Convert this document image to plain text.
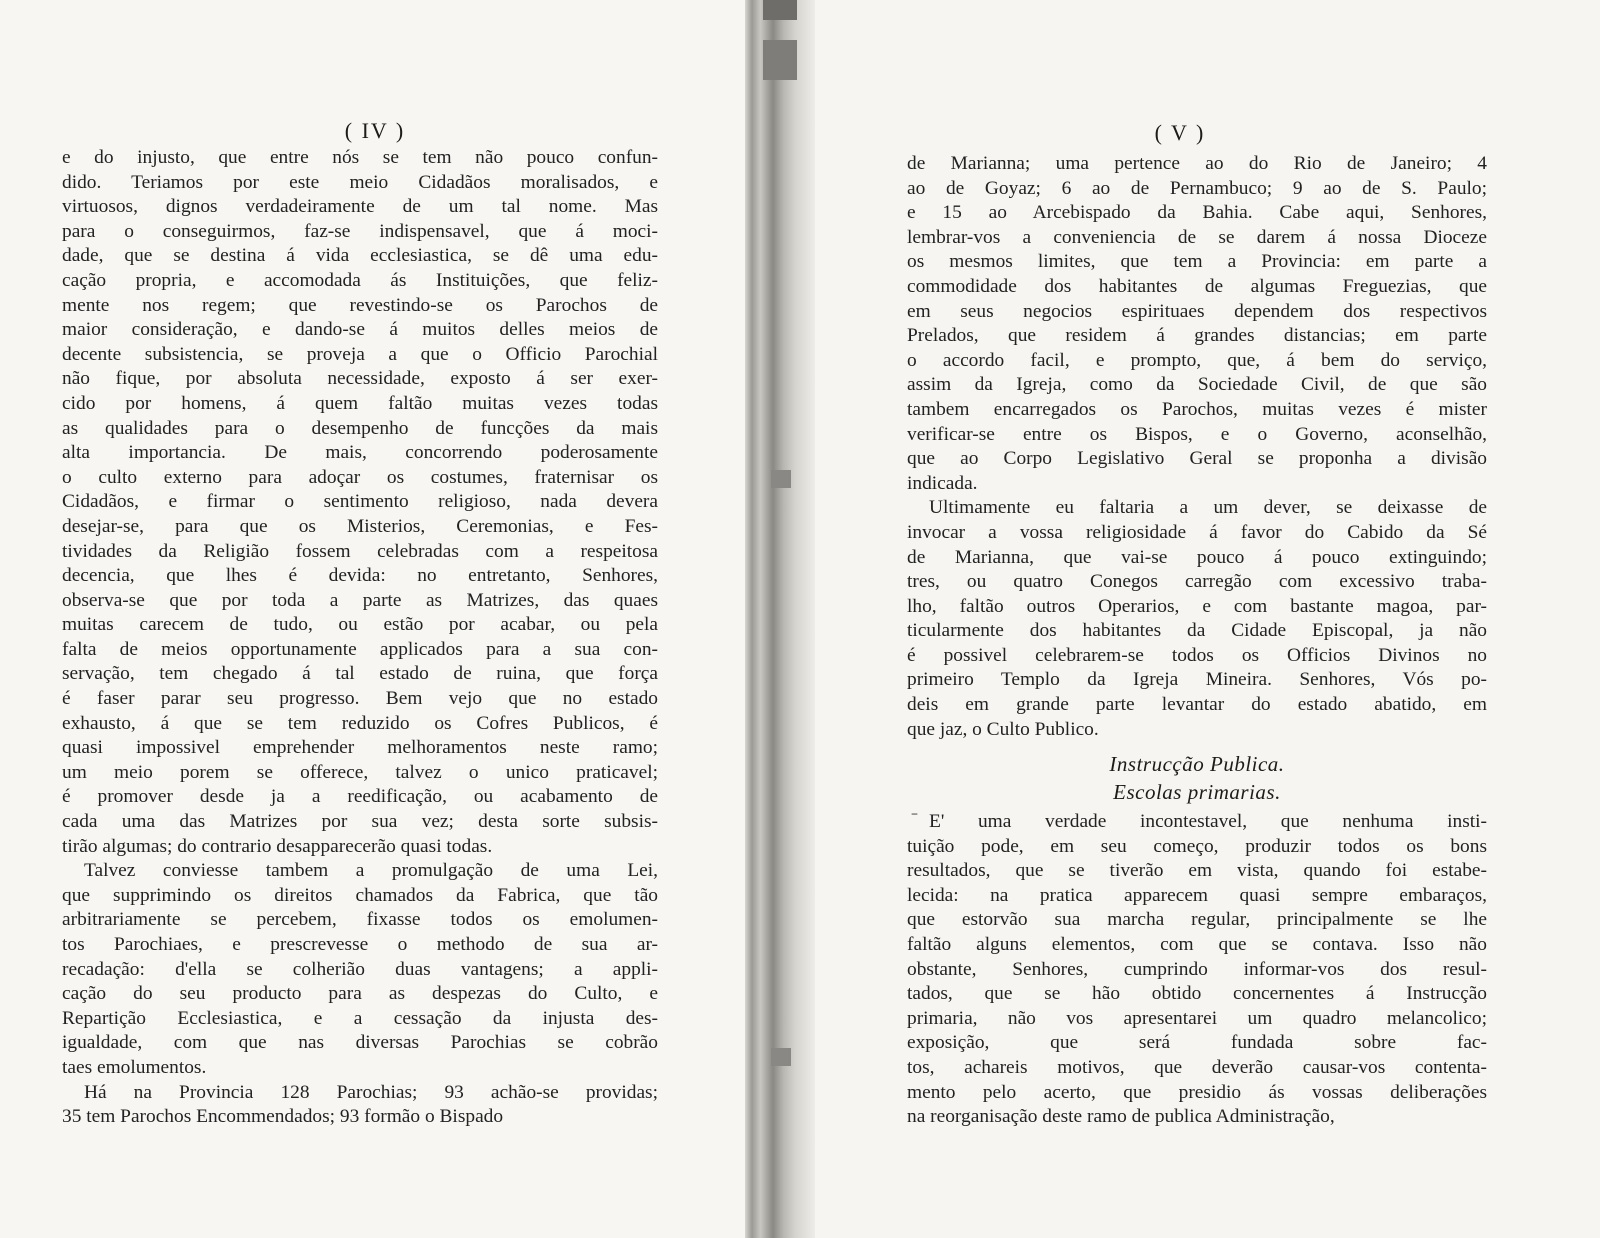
( IV )
e do injusto, que entre nós se tem não pouco confun-
dido. Teriamos por este meio Cidadãos moralisados, e
virtuosos, dignos verdadeiramente de um tal nome. Mas
para o conseguirmos, faz-se indispensavel, que á moci-
dade, que se destina á vida ecclesiastica, se dê uma edu-
cação propria, e accomodada ás Instituições, que feliz-
mente nos regem; que revestindo-se os Parochos de
maior consideração, e dando-se á muitos delles meios de
decente subsistencia, se proveja a que o Officio Parochial
não fique, por absoluta necessidade, exposto á ser exer-
cido por homens, á quem faltão muitas vezes todas
as qualidades para o desempenho de funcções da mais
alta importancia. De mais, concorrendo poderosamente
o culto externo para adoçar os costumes, fraternisar os
Cidadãos, e firmar o sentimento religioso, nada devera
desejar-se, para que os Misterios, Ceremonias, e Fes-
tividades da Religião fossem celebradas com a respeitosa
decencia, que lhes é devida: no entretanto, Senhores,
observa-se que por toda a parte as Matrizes, das quaes
muitas carecem de tudo, ou estão por acabar, ou pela
falta de meios opportunamente applicados para a sua con-
servação, tem chegado á tal estado de ruina, que força
é faser parar seu progresso. Bem vejo que no estado
exhausto, á que se tem reduzido os Cofres Publicos, é
quasi impossivel emprehender melhoramentos neste ramo;
um meio porem se offerece, talvez o unico praticavel;
é promover desde ja a reedificação, ou acabamento de
cada uma das Matrizes por sua vez; desta sorte subsis-
tirão algumas; do contrario desapparecerão quasi todas.
Talvez conviesse tambem a promulgação de uma Lei,
que supprimindo os direitos chamados da Fabrica, que tão
arbitrariamente se percebem, fixasse todos os emolumen-
tos Parochiaes, e prescrevesse o methodo de sua ar-
recadação: d'ella se colherião duas vantagens; a appli-
cação do seu producto para as despezas do Culto, e
Repartição Ecclesiastica, e a cessação da injusta des-
igualdade, com que nas diversas Parochias se cobrão
taes emolumentos.
Há na Provincia 128 Parochias; 93 achão-se providas;
35 tem Parochos Encommendados; 93 formão o Bispado
( V )
de Marianna; uma pertence ao do Rio de Janeiro; 4
ao de Goyaz; 6 ao de Pernambuco; 9 ao de S. Paulo;
e 15 ao Arcebispado da Bahia. Cabe aqui, Senhores,
lembrar-vos a conveniencia de se darem á nossa Dioceze
os mesmos limites, que tem a Provincia: em parte a
commodidade dos habitantes de algumas Freguezias, que
em seus negocios espirituaes dependem dos respectivos
Prelados, que residem á grandes distancias; em parte
o accordo facil, e prompto, que, á bem do serviço,
assim da Igreja, como da Sociedade Civil, de que são
tambem encarregados os Parochos, muitas vezes é mister
verificar-se entre os Bispos, e o Governo, aconselhão,
que ao Corpo Legislativo Geral se proponha a divisão
indicada.
Ultimamente eu faltaria a um dever, se deixasse de
invocar a vossa religiosidade á favor do Cabido da Sé
de Marianna, que vai-se pouco á pouco extinguindo;
tres, ou quatro Conegos carregão com excessivo traba-
lho, faltão outros Operarios, e com bastante magoa, par-
ticularmente dos habitantes da Cidade Episcopal, ja não
é possivel celebrarem-se todos os Officios Divinos no
primeiro Templo da Igreja Mineira. Senhores, Vós po-
deis em grande parte levantar do estado abatido, em
que jaz, o Culto Publico.
Instrucção Publica.
Escolas primarias.
E' uma verdade incontestavel, que nenhuma insti-
tuição pode, em seu começo, produzir todos os bons
resultados, que se tiverão em vista, quando foi estabe-
lecida: na pratica apparecem quasi sempre embaraços,
que estorvão sua marcha regular, principalmente se lhe
faltão alguns elementos, com que se contava. Isso não
obstante, Senhores, cumprindo informar-vos dos resul-
tados, que se hão obtido concernentes á Instrucção
primaria, não vos apresentarei um quadro melancolico;
exposição, que será fundada sobre fac-
tos, achareis motivos, que deverão causar-vos contenta-
mento pelo acerto, que presidio ás vossas deliberações
na reorganisação deste ramo de publica Administração,
–
